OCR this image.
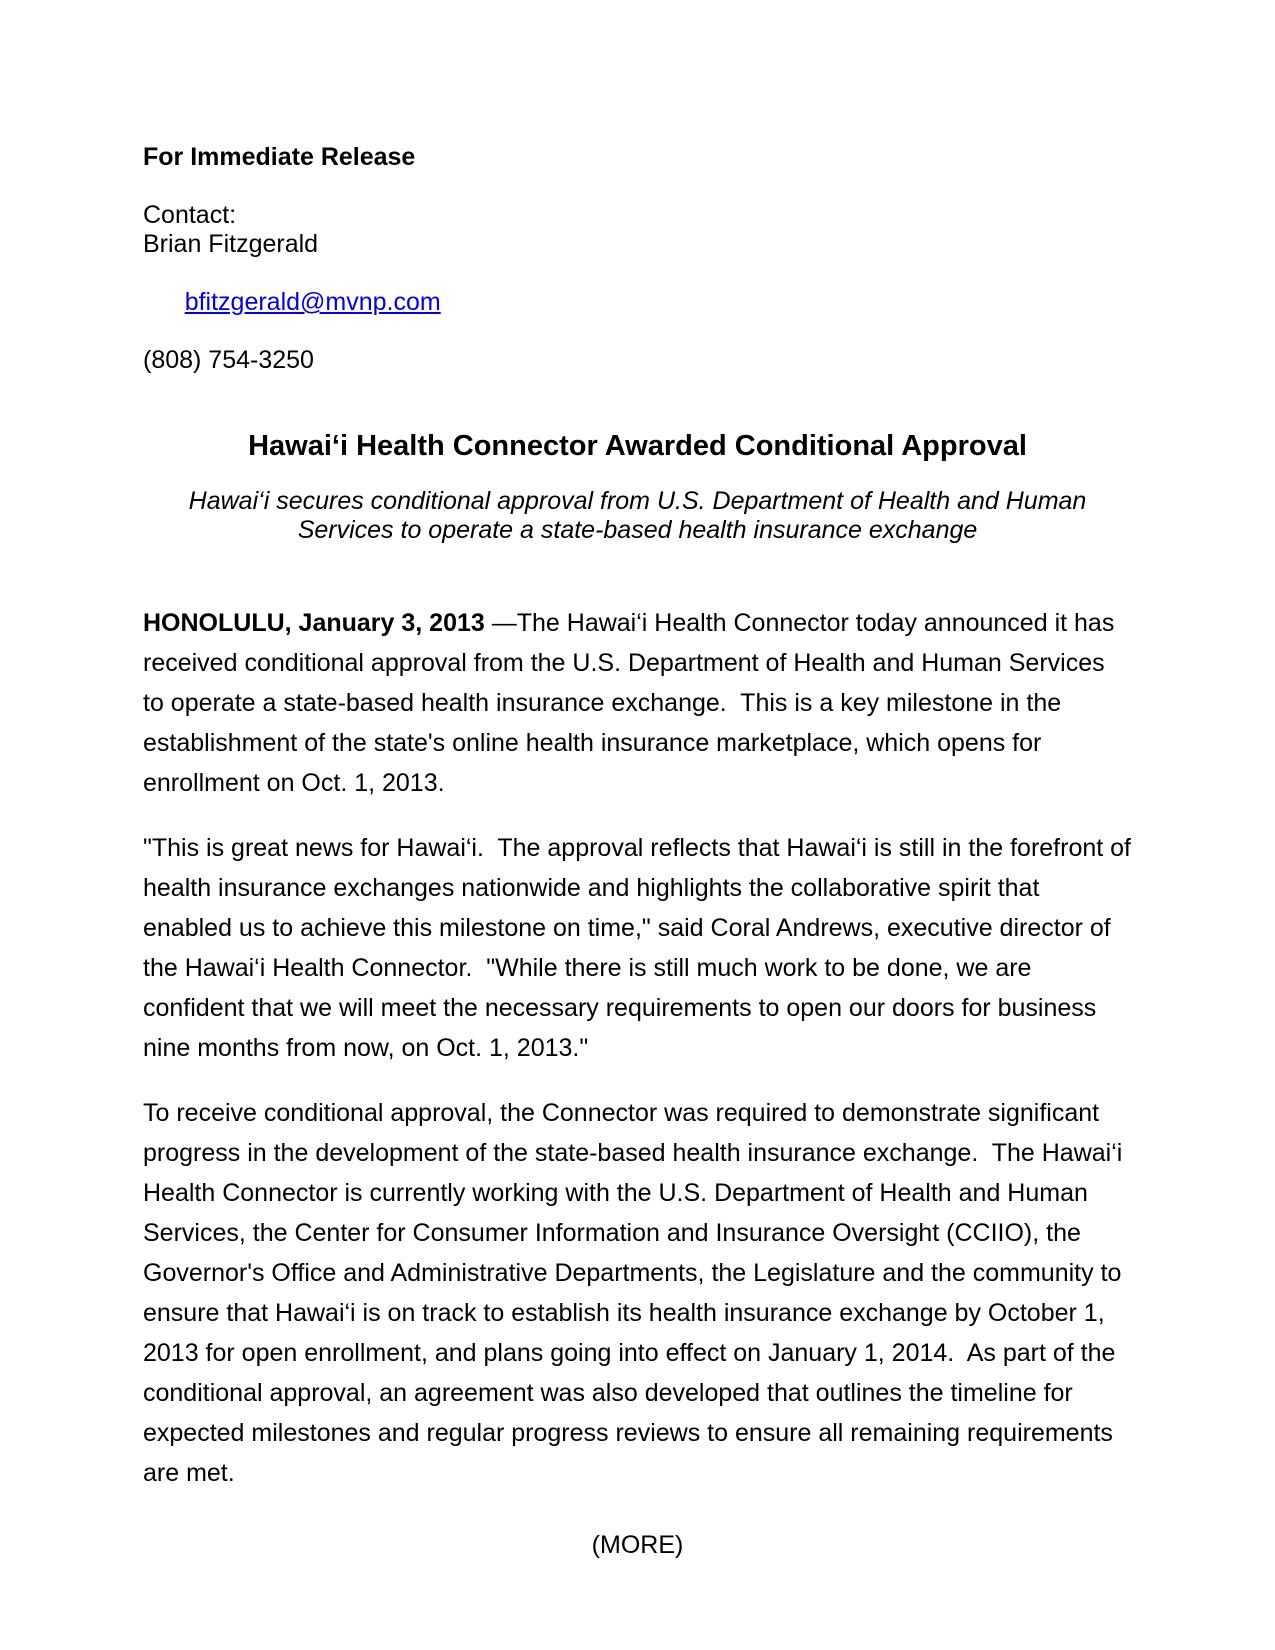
For Immediate Release
Contact:
Brian Fitzgerald

bfitzgerald@mvnp.com

(808) 754-3250
Hawai‘i Health Connector Awarded Conditional Approval
Hawai‘i secures conditional approval from U.S. Department of Health and Human
Services to operate a state-based health insurance exchange

HONOLULU, January 3, 2013 —The Hawai‘i Health Connector today announced it has received conditional approval from the U.S. Department of Health and Human Services to operate a state-based health insurance exchange.  This is a key milestone in the establishment of the state's online health insurance marketplace, which opens for enrollment on Oct. 1, 2013.

"This is great news for Hawai‘i.  The approval reflects that Hawai‘i is still in the forefront of health insurance exchanges nationwide and highlights the collaborative spirit that enabled us to achieve this milestone on time," said Coral Andrews, executive director of the Hawai‘i Health Connector.  "While there is still much work to be done, we are confident that we will meet the necessary requirements to open our doors for business nine months from now, on Oct. 1, 2013."

To receive conditional approval, the Connector was required to demonstrate significant progress in the development of the state-based health insurance exchange.  The Hawai‘i Health Connector is currently working with the U.S. Department of Health and Human Services, the Center for Consumer Information and Insurance Oversight (CCIIO), the Governor's Office and Administrative Departments, the Legislature and the community to ensure that Hawai‘i is on track to establish its health insurance exchange by October 1, 2013 for open enrollment, and plans going into effect on January 1, 2014.  As part of the conditional approval, an agreement was also developed that outlines the timeline for expected milestones and regular progress reviews to ensure all remaining requirements are met.

(MORE)
